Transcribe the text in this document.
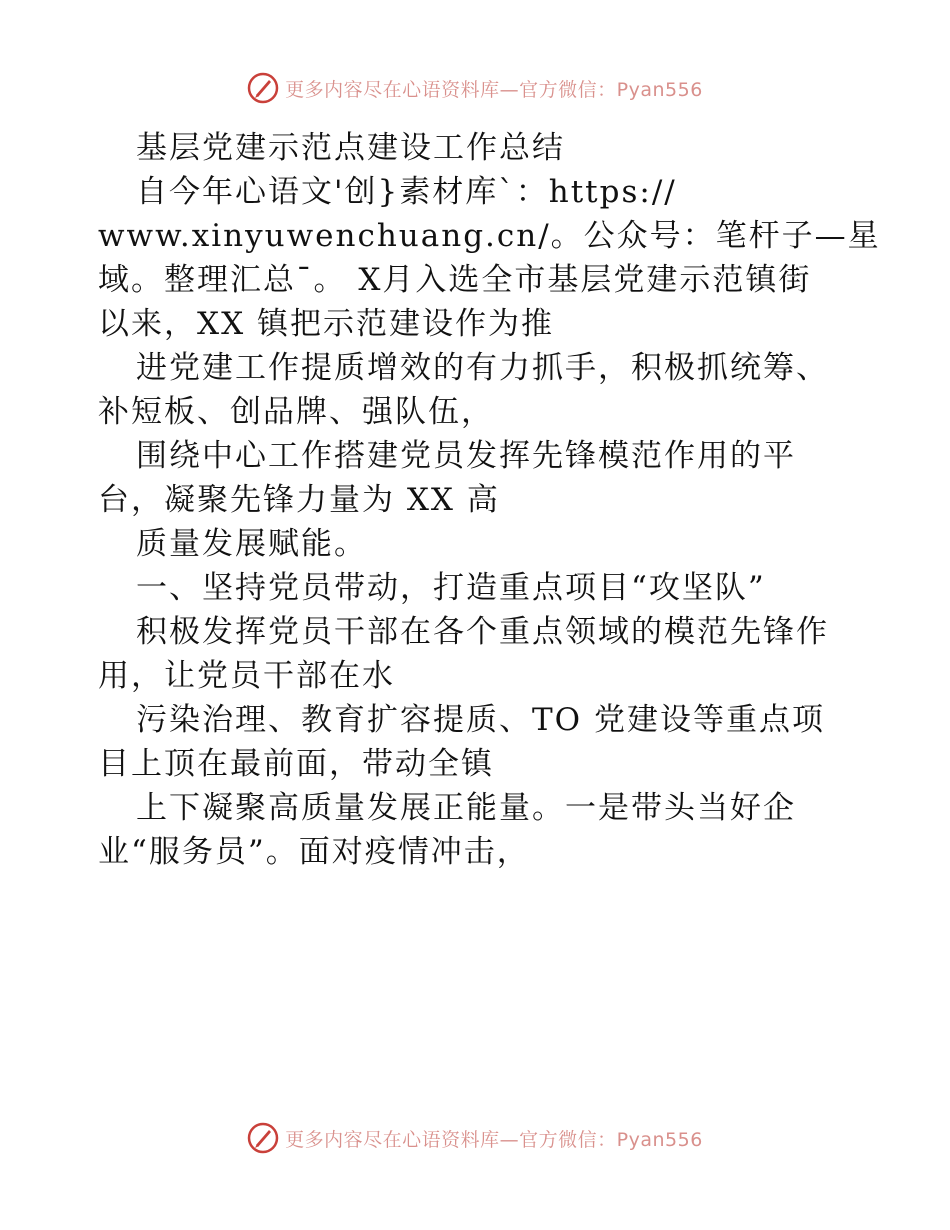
更多内容尽在心语资料库—官方微信：Pyan556
基层党建示范点建设工作总结
自今年心语文'创}素材库`：https://
www.xinyuwenchuang.cn/。公众号：笔杆子—星
域。整理汇总¯。 X月入选全市基层党建示范镇街
以来，XX 镇把示范建设作为推
进党建工作提质增效的有力抓手，积极抓统筹、
补短板、创品牌、强队伍，
围绕中心工作搭建党员发挥先锋模范作用的平
台，凝聚先锋力量为 XX 高
质量发展赋能。
一、坚持党员带动，打造重点项目“攻坚队”
积极发挥党员干部在各个重点领域的模范先锋作
用，让党员干部在水
污染治理、教育扩容提质、TO 党建设等重点项
目上顶在最前面，带动全镇
上下凝聚高质量发展正能量。一是带头当好企
业“服务员”。面对疫情冲击，
更多内容尽在心语资料库—官方微信：Pyan556
